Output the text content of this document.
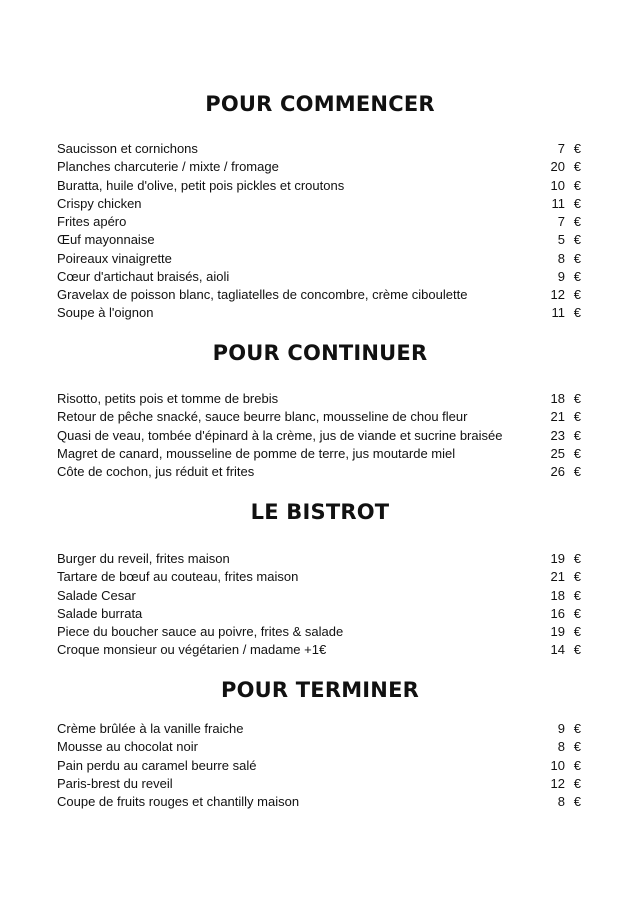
POUR COMMENCER
Saucisson et cornichons	7 €
Planches charcuterie / mixte / fromage	20 €
Buratta, huile d'olive, petit pois pickles et croutons	10 €
Crispy chicken	11 €
Frites apéro	7 €
Œuf mayonnaise	5 €
Poireaux vinaigrette	8 €
Cœur d'artichaut braisés, aioli	9 €
Gravelax de poisson blanc, tagliatelles de concombre, crème ciboulette	12 €
Soupe à l'oignon	11 €
POUR CONTINUER
Risotto, petits pois et tomme de brebis	18 €
Retour de pêche snacké, sauce beurre blanc, mousseline de chou fleur	21 €
Quasi de veau, tombée d'épinard à la crème, jus de viande et sucrine braisée	23 €
Magret de canard, mousseline de pomme de terre, jus moutarde miel	25 €
Côte de cochon, jus réduit et frites	26 €
LE BISTROT
Burger du reveil, frites maison	19 €
Tartare de bœuf au couteau, frites maison	21 €
Salade Cesar	18 €
Salade burrata	16 €
Piece du boucher sauce au poivre, frites & salade	19 €
Croque monsieur ou végétarien / madame +1€	14 €
POUR TERMINER
Crème brûlée à la vanille fraiche	9 €
Mousse au chocolat noir	8 €
Pain perdu au caramel beurre salé	10 €
Paris-brest du reveil	12 €
Coupe de fruits rouges et chantilly maison	8 €
